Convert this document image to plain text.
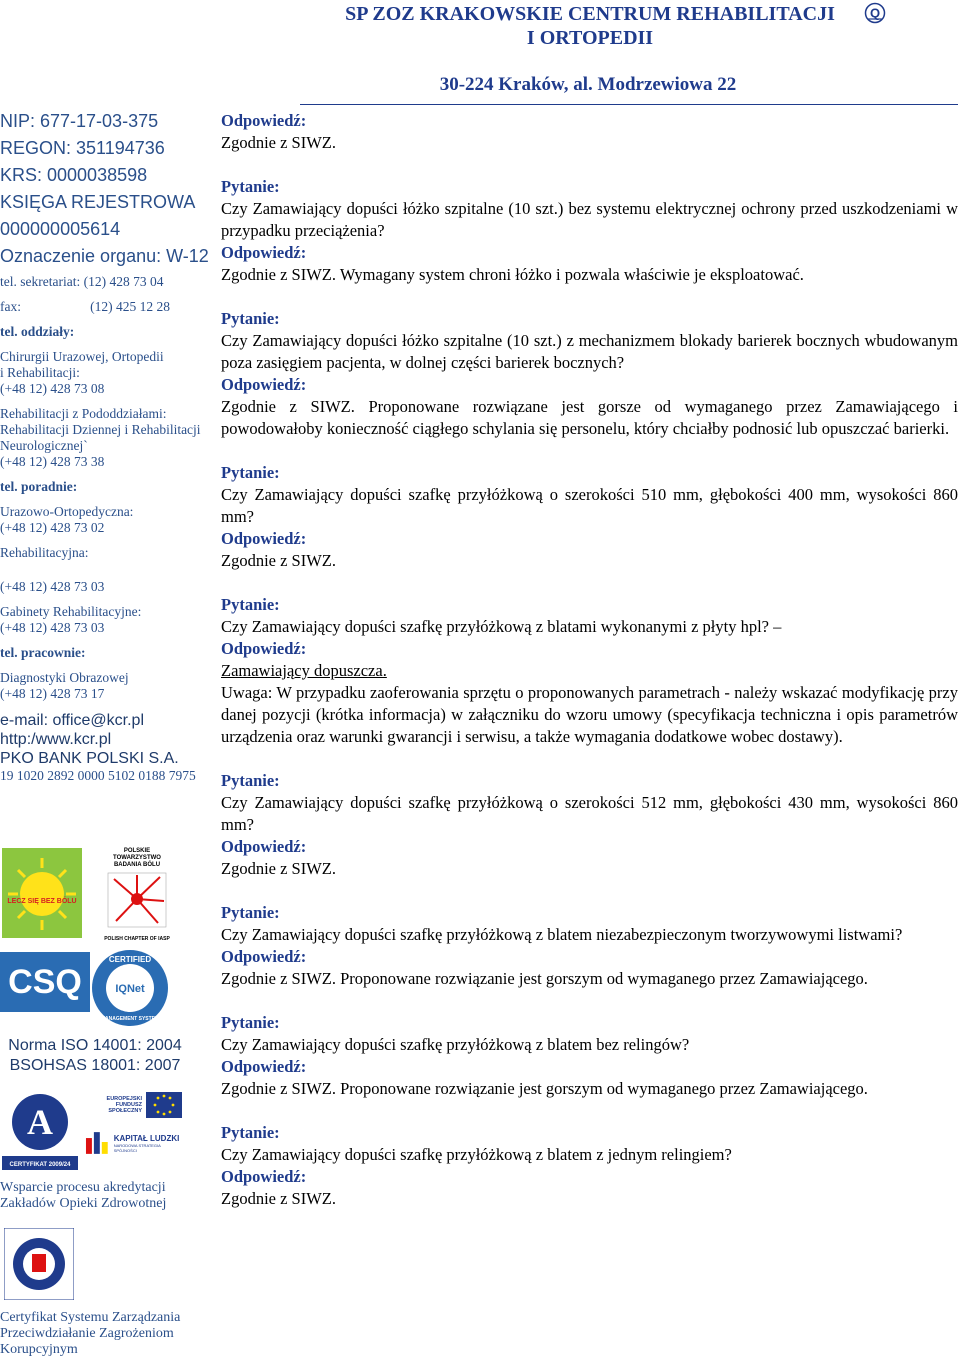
SP ZOZ KRAKOWSKIE CENTRUM REHABILITACJI
I ORTOPEDII
Q
30-224 Kraków, al. Modrzewiowa 22
NIP: 677-17-03-375
REGON: 351194736
KRS: 0000038598
KSIĘGA REJESTROWA
000000005614
Oznaczenie organu: W-12
tel. sekretariat: (12) 428 73 04
fax:	(12) 425 12 28
tel. oddziały:
Chirurgii Urazowej, Ortopedii
i Rehabilitacji:
(+48 12) 428 73 08
Rehabilitacji z Pododdziałami:
Rehabilitacji Dziennej i Rehabilitacji
Neurologicznej`
(+48 12) 428 73 38
tel. poradnie:
Urazowo-Ortopedyczna:
(+48 12) 428 73 02
Rehabilitacyjna:
(+48 12) 428 73 03
Gabinety Rehabilitacyjne:
(+48 12) 428 73 03
tel. pracownie:
Diagnostyki Obrazowej
(+48 12) 428 73 17
e-mail: office@kcr.pl
http:/www.kcr.pl
PKO BANK POLSKI S.A.
19 1020 2892 0000 5102 0188 7975
LECZ SIĘ BEZ BÓLU
POLSKIE TOWARZYSTWO BADANIA BÓLU
POLISH CHAPTER OF IASP
CSQ
CERTIFIED
IQNet
MANAGEMENT SYSTEM
Norma ISO 14001: 2004
BSOHSAS 18001: 2007
A
CERTYFIKAT 2009/24
EUROPEJSKI FUNDUSZ SPOŁECZNY
KAPITAŁ LUDZKI
NARODOWA STRATEGIA SPÓJNOŚCI
Wsparcie procesu akredytacji
Zakładów Opieki Zdrowotnej
Certyfikat Systemu Zarządzania
Przeciwdziałanie Zagrożeniom
Korupcyjnym
Odpowiedź:
Zgodnie z SIWZ.
Pytanie:
Czy Zamawiający dopuści łóżko szpitalne (10 szt.) bez systemu elektrycznej ochrony przed uszkodzeniami w przypadku przeciążenia?
Odpowiedź:
Zgodnie z SIWZ. Wymagany system chroni łóżko i pozwala właściwie je eksploatować.
Pytanie:
Czy Zamawiający dopuści łóżko szpitalne (10 szt.) z mechanizmem blokady barierek bocznych wbudowanym poza zasięgiem pacjenta, w dolnej części barierek bocznych?
Odpowiedź:
Zgodnie z SIWZ. Proponowane rozwiązane jest gorsze od wymaganego przez Zamawiającego i powodowałoby konieczność ciągłego schylania się personelu, który chciałby podnosić lub opuszczać barierki.
Pytanie:
Czy Zamawiający dopuści szafkę przyłóżkową o szerokości 510 mm, głębokości 400 mm, wysokości 860 mm?
Odpowiedź:
Zgodnie z SIWZ.
Pytanie:
Czy Zamawiający dopuści szafkę przyłóżkową z blatami wykonanymi z płyty hpl? –
Odpowiedź:
Zamawiający dopuszcza.
Uwaga: W przypadku zaoferowania sprzętu o proponowanych parametrach - należy wskazać modyfikację przy danej pozycji (krótka informacja) w załączniku do wzoru umowy (specyfikacja techniczna i opis parametrów urządzenia oraz warunki gwarancji i serwisu, a także wymagania dodatkowe wobec dostawy).
Pytanie:
Czy Zamawiający dopuści szafkę przyłóżkową o szerokości 512 mm, głębokości 430 mm, wysokości 860 mm?
Odpowiedź:
Zgodnie z SIWZ.
Pytanie:
Czy Zamawiający dopuści szafkę przyłóżkową z blatem niezabezpieczonym tworzywowymi listwami?
Odpowiedź:
Zgodnie z SIWZ. Proponowane rozwiązanie jest gorszym od wymaganego przez Zamawiającego.
Pytanie:
Czy Zamawiający dopuści szafkę przyłóżkową z blatem bez relingów?
Odpowiedź:
Zgodnie z SIWZ. Proponowane rozwiązanie jest gorszym od wymaganego przez Zamawiającego.
Pytanie:
Czy Zamawiający dopuści szafkę przyłóżkową z blatem z jednym relingiem?
Odpowiedź:
Zgodnie z SIWZ.
